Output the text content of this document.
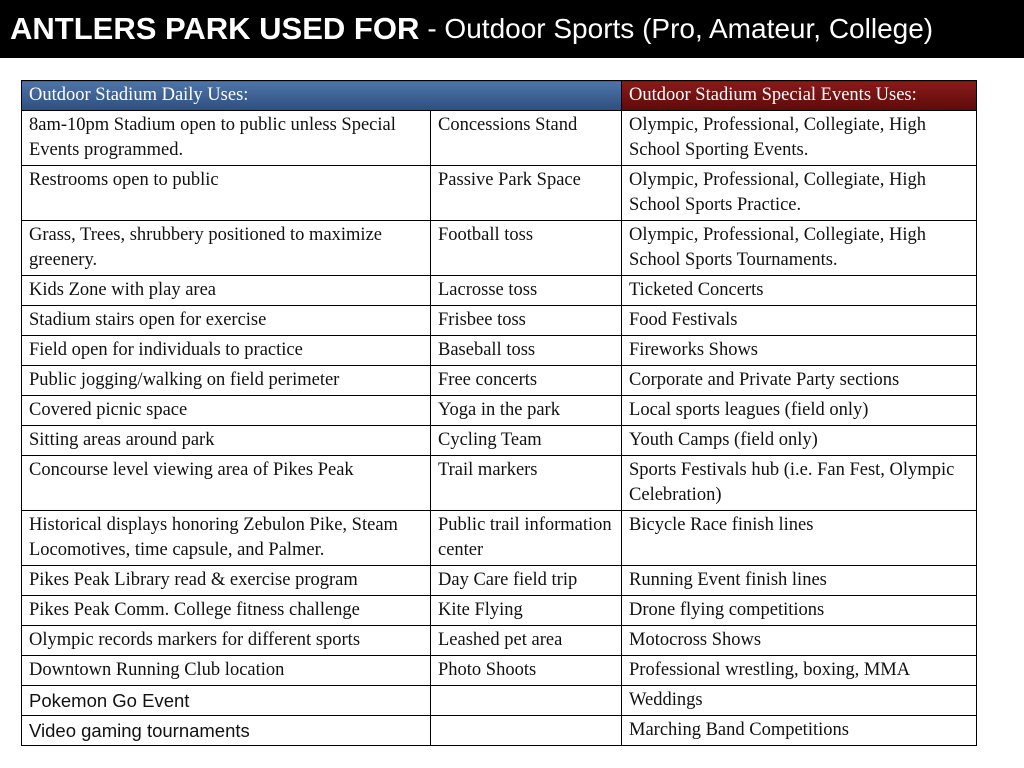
ANTLERS PARK USED FOR - Outdoor Sports (Pro, Amateur, College)
Outdoor Stadium Daily Uses:		Outdoor Stadium Special Events Uses:
8am-10pm Stadium open to public unless Special Events programmed.	Concessions Stand	Olympic, Professional, Collegiate, High School Sporting Events.
Restrooms open to public	Passive Park Space	Olympic, Professional, Collegiate, High School Sports Practice.
Grass, Trees, shrubbery positioned to maximize greenery.	Football toss	Olympic, Professional, Collegiate, High School Sports Tournaments.
Kids Zone with play area	Lacrosse toss	Ticketed Concerts
Stadium stairs open for exercise	Frisbee toss	Food Festivals
Field open for individuals to practice	Baseball toss	Fireworks Shows
Public jogging/walking on field perimeter	Free concerts	Corporate and Private Party sections
Covered picnic space	Yoga in the park	Local sports leagues (field only)
Sitting areas around park	Cycling Team	Youth Camps (field only)
Concourse level viewing area of Pikes Peak	Trail markers	Sports Festivals hub (i.e. Fan Fest, Olympic Celebration)
Historical displays honoring Zebulon Pike, Steam Locomotives, time capsule, and Palmer.	Public trail information center	Bicycle Race finish lines
Pikes Peak Library read & exercise program	Day Care field trip	Running Event finish lines
Pikes Peak Comm. College fitness challenge	Kite Flying	Drone flying competitions
Olympic records markers for different sports	Leashed pet area	Motocross Shows
Downtown Running Club location	Photo Shoots	Professional wrestling, boxing, MMA
Pokemon Go Event		Weddings
Video gaming tournaments		Marching Band Competitions
